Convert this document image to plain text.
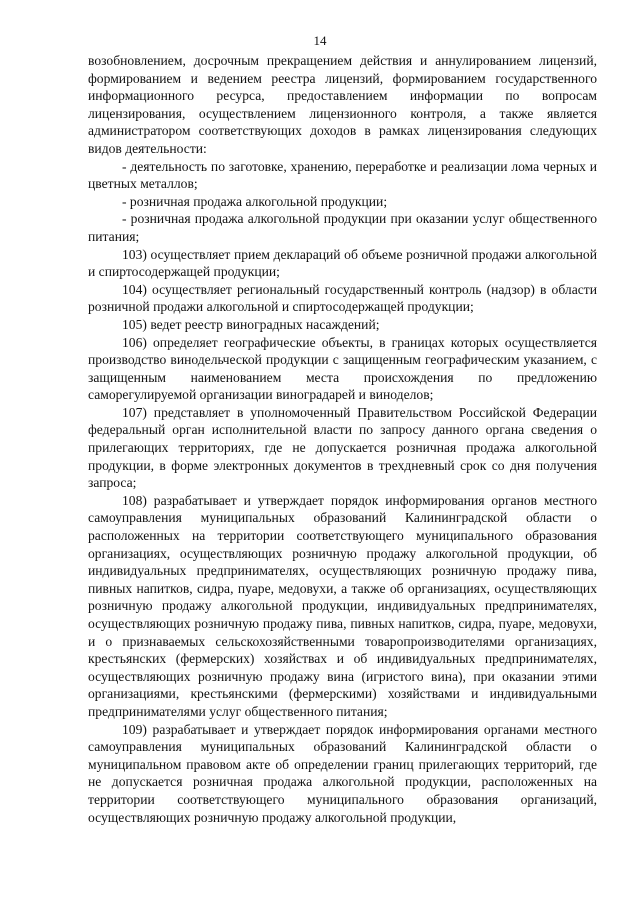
14

возобновлением, досрочным прекращением действия и аннулированием лицензий, формированием и ведением реестра лицензий, формированием государственного информационного ресурса, предоставлением информации по вопросам лицензирования, осуществлением лицензионного контроля, а также является администратором соответствующих доходов в рамках лицензирования следующих видов деятельности:

- деятельность по заготовке, хранению, переработке и реализации лома черных и цветных металлов;

- розничная продажа алкогольной продукции;

- розничная продажа алкогольной продукции при оказании услуг общественного питания;

103) осуществляет прием деклараций об объеме розничной продажи алкогольной и спиртосодержащей продукции;

104) осуществляет региональный государственный контроль (надзор) в области розничной продажи алкогольной и спиртосодержащей продукции;

105) ведет реестр виноградных насаждений;

106) определяет географические объекты, в границах которых осуществляется производство винодельческой продукции с защищенным географическим указанием, с защищенным наименованием места происхождения по предложению саморегулируемой организации виноградарей и виноделов;

107) представляет в уполномоченный Правительством Российской Федерации федеральный орган исполнительной власти по запросу данного органа сведения о прилегающих территориях, где не допускается розничная продажа алкогольной продукции, в форме электронных документов в трехдневный срок со дня получения запроса;

108) разрабатывает и утверждает порядок информирования органов местного самоуправления муниципальных образований Калининградской области о расположенных на территории соответствующего муниципального образования организациях, осуществляющих розничную продажу алкогольной продукции, об индивидуальных предпринимателях, осуществляющих розничную продажу пива, пивных напитков, сидра, пуаре, медовухи, а также об организациях, осуществляющих розничную продажу алкогольной продукции, индивидуальных предпринимателях, осуществляющих розничную продажу пива, пивных напитков, сидра, пуаре, медовухи, и о признаваемых сельскохозяйственными товаропроизводителями организациях, крестьянских (фермерских) хозяйствах и об индивидуальных предпринимателях, осуществляющих розничную продажу вина (игристого вина), при оказании этими организациями, крестьянскими (фермерскими) хозяйствами и индивидуальными предпринимателями услуг общественного питания;

109) разрабатывает и утверждает порядок информирования органами местного самоуправления муниципальных образований Калининградской области о муниципальном правовом акте об определении границ прилегающих территорий, где не допускается розничная продажа алкогольной продукции, расположенных на территории соответствующего муниципального образования организаций, осуществляющих розничную продажу алкогольной продукции,
